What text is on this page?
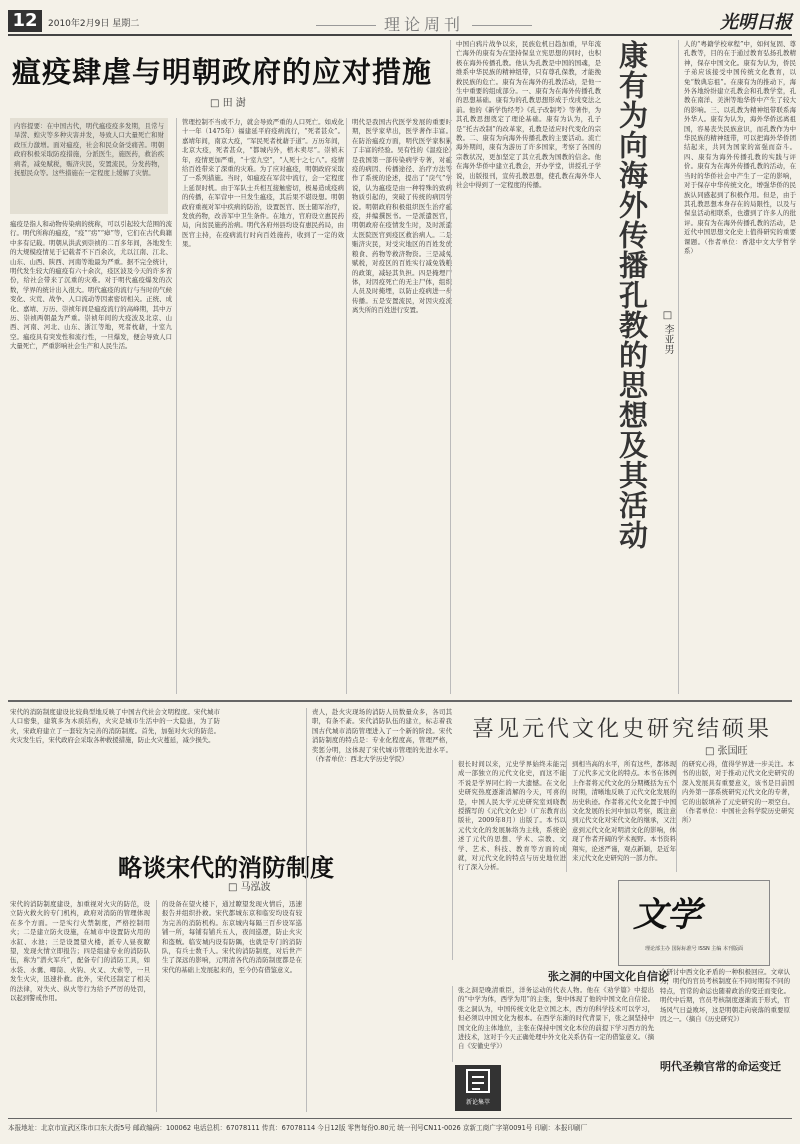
12	2010年2月9日 星期二	理论周刊	光明日报
瘟疫肆虐与明朝政府的应对措施
□ 田 澍
内容提要：在中国古代，明代瘟疫疫多发期，且常与旱涝、蝗灾等多种灾害并发，导致人口大量死亡和财政压力激增。面对瘟疫，社会和民众备受痛苦。明朝政府积极采取防疫措施，分派医生，施医药，救治疾病者，减免赋税，赈济灾民，安置流民，分发药物，抚慰民众等。这些措施在一定程度上缓解了灾情。
瘟疫是指人和动物传染病的统称，可以引起较大范围的流行。明代所称的瘟疫，“疫”“疠”“瘴”等，它们在古代典籍中多有记载。明朝从洪武到崇祯的二百多年间，各地发生的大规模疫情见于记载者不下百余次，尤以江南、江北、山东、山西、陕西、河南等地最为严重。据不完全统计，明代发生较大的瘟疫有六十余次，疫区波及今天的许多省份，给社会带来了沉重的灾难。对于明代瘟疫爆发的次数，学界的统计出入很大。明代瘟疫的流行与当时的气候变化、灾荒、战争、人口流动等因素密切相关。正统、成化、嘉靖、万历、崇祯年间是瘟疫流行的高峰期，其中万历、崇祯两朝最为严重。崇祯年间的大疫波及北京、山西、河南、河北、山东、浙江等地，死者枕藉，十室九空。瘟疫具有突发性和流行性，一旦爆发，便会导致人口大量死亡，严重影响社会生产和人民生活。
管理控制不当或不力，就会导致严重的人口死亡。如成化十一年（1475年）福建延平府疫病流行，“死者甚众”。嘉靖年间，南京大疫，“军民死者枕藉于道”。万历年间，北京大疫，死者甚众，“都城内外，棺木卖尽”。崇祯末年，疫情更加严重，“十室九空”，“人死十之七八”。疫情给百姓带来了深重的灾难。为了应对瘟疫，明朝政府采取了一系列措施。当时，如瘟疫在军营中流行，会一定程度上延误时机。由于军队士兵相互接触密切，极易造成疫病的传播，在军营中一旦发生瘟疫，其后果不堪设想。明朝政府重视对军中疾病的防治，设置医官、医士随军治疗，发放药物，改善军中卫生条件。在地方，官府设立惠民药局，向贫民施药治病。明代各府州县均设有惠民药局，由医官主持，在疫病流行时向百姓施药，收到了一定的效果。
明代是我国古代医学发展的重要时期，医学家辈出，医学著作丰富。在防治瘟疫方面，明代医学家积累了丰富的经验。吴有性的《温疫论》是我国第一部传染病学专著，对瘟疫的病因、传播途径、治疗方法等作了系统的论述，提出了“戾气”学说，认为瘟疫是由一种特殊的致病物质引起的，突破了传统的病因学说。明朝政府积极组织医生治疗瘟疫，并编撰医书。一是派遣医官，明朝政府在疫情发生时，及时派遣太医院医官到疫区救治病人。二是赈济灾民，对受灾地区的百姓发放粮食、药物等救济物资。三是减免赋税，对疫区的百姓实行减免钱粮的政策，减轻其负担。四是掩埋尸体，对因疫死亡的无主尸体，组织人员及时掩埋，以防止疫病进一步传播。五是安置流民，对因灾疫流离失所的百姓进行安置。
中国自鸦片战争以来，民族危机日趋加重，早年流亡海外的康有为在坚持保皇立宪思想的同时，也积极在海外传播孔教。他认为孔教是中国的国魂，是维系中华民族的精神纽带，只有尊孔保教，才能挽救民族的危亡。康有为在海外的孔教活动，是他一生中重要的组成部分。一、康有为在海外传播孔教的思想基础。康有为的孔教思想形成于戊戌变法之前。他的《新学伪经考》《孔子改制考》等著作，为其孔教思想奠定了理论基础。康有为认为，孔子是“托古改制”的改革家，孔教是适应时代变化的宗教。二、康有为向海外传播孔教的主要活动。流亡海外期间，康有为游历了许多国家，考察了各国的宗教状况，更加坚定了其立孔教为国教的信念。他在海外华侨中建立孔教会，开办学堂，讲授孔子学说，出版报刊，宣传孔教思想，使孔教在海外华人社会中得到了一定程度的传播。	康有为向海外传播孔教的思想及其活动	□ 李亚男
人的“粤籍学校章程”中，如何复固、尊孔教等，目的在于通过教育弘扬孔教精神，保存中国文化。康有为认为，侨民子弟应该接受中国传统文化教育，以免“数典忘祖”。在康有为的推动下，海外各地纷纷建立孔教会和孔教学堂，孔教在南洋、美洲等地华侨中产生了较大的影响。三、以孔教为精神纽带联系海外华人。康有为认为，海外华侨远离祖国，容易丧失民族意识，而孔教作为中华民族的精神纽带，可以把海外华侨团结起来，共同为国家的富强而奋斗。四、康有为海外传播孔教的实践与评价。康有为在海外传播孔教的活动，在当时的华侨社会中产生了一定的影响，对于保存中华传统文化，增强华侨的民族认同感起到了积极作用。但是，由于其孔教思想本身存在的局限性，以及与保皇活动相联系，也遭到了许多人的批评。康有为在海外传播孔教的活动，是近代中国思想文化史上值得研究的重要课题。（作者单位：香港中文大学哲学系）
宋代的消防制度建设比较典型地反映了中国古代社会文明程度。宋代城市人口密集，建筑多为木质结构，火灾是城市生活中的一大隐患，为了防火，宋政府建立了一套较为完善的消防制度。首先，加强对火灾的防范。火灾发生后，宋代政府会采取各种救援措施，防止火灾蔓延，减少损失。
略谈宋代的消防制度
□ 马泓波
宋代的消防制度建设，加重视对火灾的防范，设立防火救火的专门机构，政府对消防的管理体现在多个方面。一是实行火禁制度，严格控制用火；二是建立防火设施，在城市中设置防火用的水缸、水池；三是设置望火楼，派专人昼夜瞭望，发现火情立即报告；四是组建专业的消防队伍，称为“潜火军兵”，配备专门的消防工具，如水袋、水囊、唧筒、火钩、火叉、大索等，一旦发生火灾，迅速扑救。此外，宋代还制定了相关的法律，对失火、纵火等行为给予严厉的处罚，以起到警戒作用。
的设备在望火楼下，通过瞭望发现火情后，迅速报告并组织扑救。宋代都城东京和临安均设有较为完善的消防机构。东京城内每隔三百步设军巡铺一所，每铺有铺兵五人，夜间巡逻，防止火灾和盗贼。临安城内设有防隅，也就是专门的消防队，有兵士数千人。宋代的消防制度，对后世产生了深远的影响，元明清各代的消防制度都是在宋代的基础上发展起来的，至今仍有借鉴意义。
责人，赴火灾现场的消防人员数量众多，各司其职，有条不紊。宋代消防队伍的建立，标志着我国古代城市消防管理进入了一个新的阶段。宋代消防制度的特点是：专业化程度高，管理严格，奖惩分明，这体现了宋代城市管理的先进水平。（作者单位：西北大学历史学院）
喜见元代文化史研究结硕果
□ 张国旺
很长时间以来，元史学界始终未能完成一部独立的元代文化史，而这不能不说是学界同仁的一大遗憾。在文化史研究热度逐渐消解的今天，可喜的是，中国人民大学元史研究室刘晓教授撰写的《元代文化史》（广东教育出版社，2009年8月）出版了。本书以元代文化的发展脉络为主线，系统论述了元代的思想、学术、宗教、文学、艺术、科技、教育等方面的成就，对元代文化的特点与历史地位进行了深入分析。
到相当高的水平，所有这些，都体现了元代多元文化的特点。本书在体例上作者将元代文化的分期概括为五个时期，清晰地反映了元代文化发展的历史轨迹。作者将元代文化置于中国文化发展的长河中加以考察，既注意到元代文化对宋代文化的继承，又注意到元代文化对明清文化的影响，体现了作者开阔的学术视野。本书资料翔实，论述严谨，观点新颖，是近年来元代文化史研究的一部力作。
的研究心得，值得学界进一步关注。本书的出版，对于推动元代文化史研究的深入发展具有重要意义，该书是目前国内外第一部系统研究元代文化的专著，它的出版填补了元史研究的一项空白。（作者单位：中国社会科学院历史研究所）
文学
理论部主办 国际标准号 ISSN 主编 本刊版面
张之洞的中国文化自信论
张之洞是晚清重臣，洋务运动的代表人物。他在《劝学篇》中提出的“中学为体，西学为用”的主张，集中体现了他的中国文化自信论。张之洞认为，中国传统文化是立国之本，西方的科学技术可以学习，但必须以中国文化为根本。在西学东渐的时代背景下，张之洞坚持中国文化的主体地位，主张在保持中国文化本位的前提下学习西方的先进技术，这对于今天正确处理中外文化关系仍有一定的借鉴意义。（摘自《安徽史学》）
新论集萃
今研讨中西文化矛盾的一种积极回应。文章认为，明代的官员考核制度在不同时期有不同的特点，官常的命运也随着政治的变迁而变化。明代中后期，官员考核制度逐渐流于形式，官场风气日益败坏，这是明朝走向衰落的重要原因之一。（摘自《历史研究》）
明代圣赖官常的命运变迁
本报地址：北京市宣武区珠市口东大街5号 邮政编码：100062 电话总机：67078111 传真：67078114 今日12版 零售每份0.80元 统一刊号CN11-0026 京新工商广字第0091号 印刷：本报印刷厂
